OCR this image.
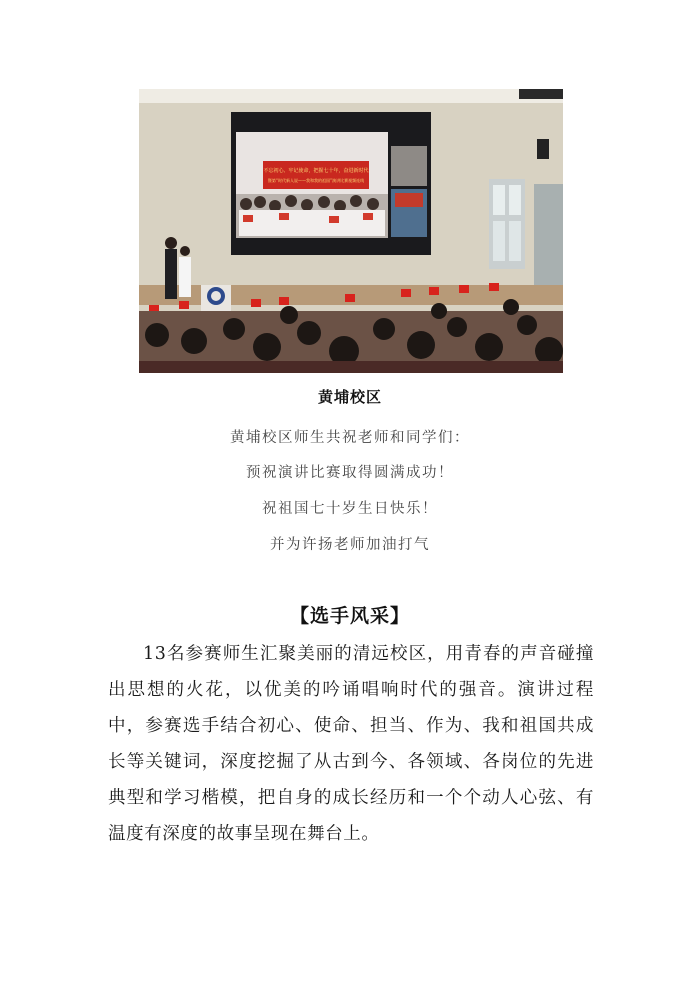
不忘初心、牢记使命，把握七十年，奋进新时代
暨第“时代新人说——我和我的祖国”演讲比赛视频连线
黄埔校区
黄埔校区师生共祝老师和同学们：
预祝演讲比赛取得圆满成功！
祝祖国七十岁生日快乐！
并为许扬老师加油打气
【选手风采】

13名参赛师生汇聚美丽的清远校区，用青春的声音碰撞出思想的火花，以优美的吟诵唱响时代的强音。演讲过程中，参赛选手结合初心、使命、担当、作为、我和祖国共成长等关键词，深度挖掘了从古到今、各领域、各岗位的先进典型和学习楷模，把自身的成长经历和一个个动人心弦、有温度有深度的故事呈现在舞台上。
